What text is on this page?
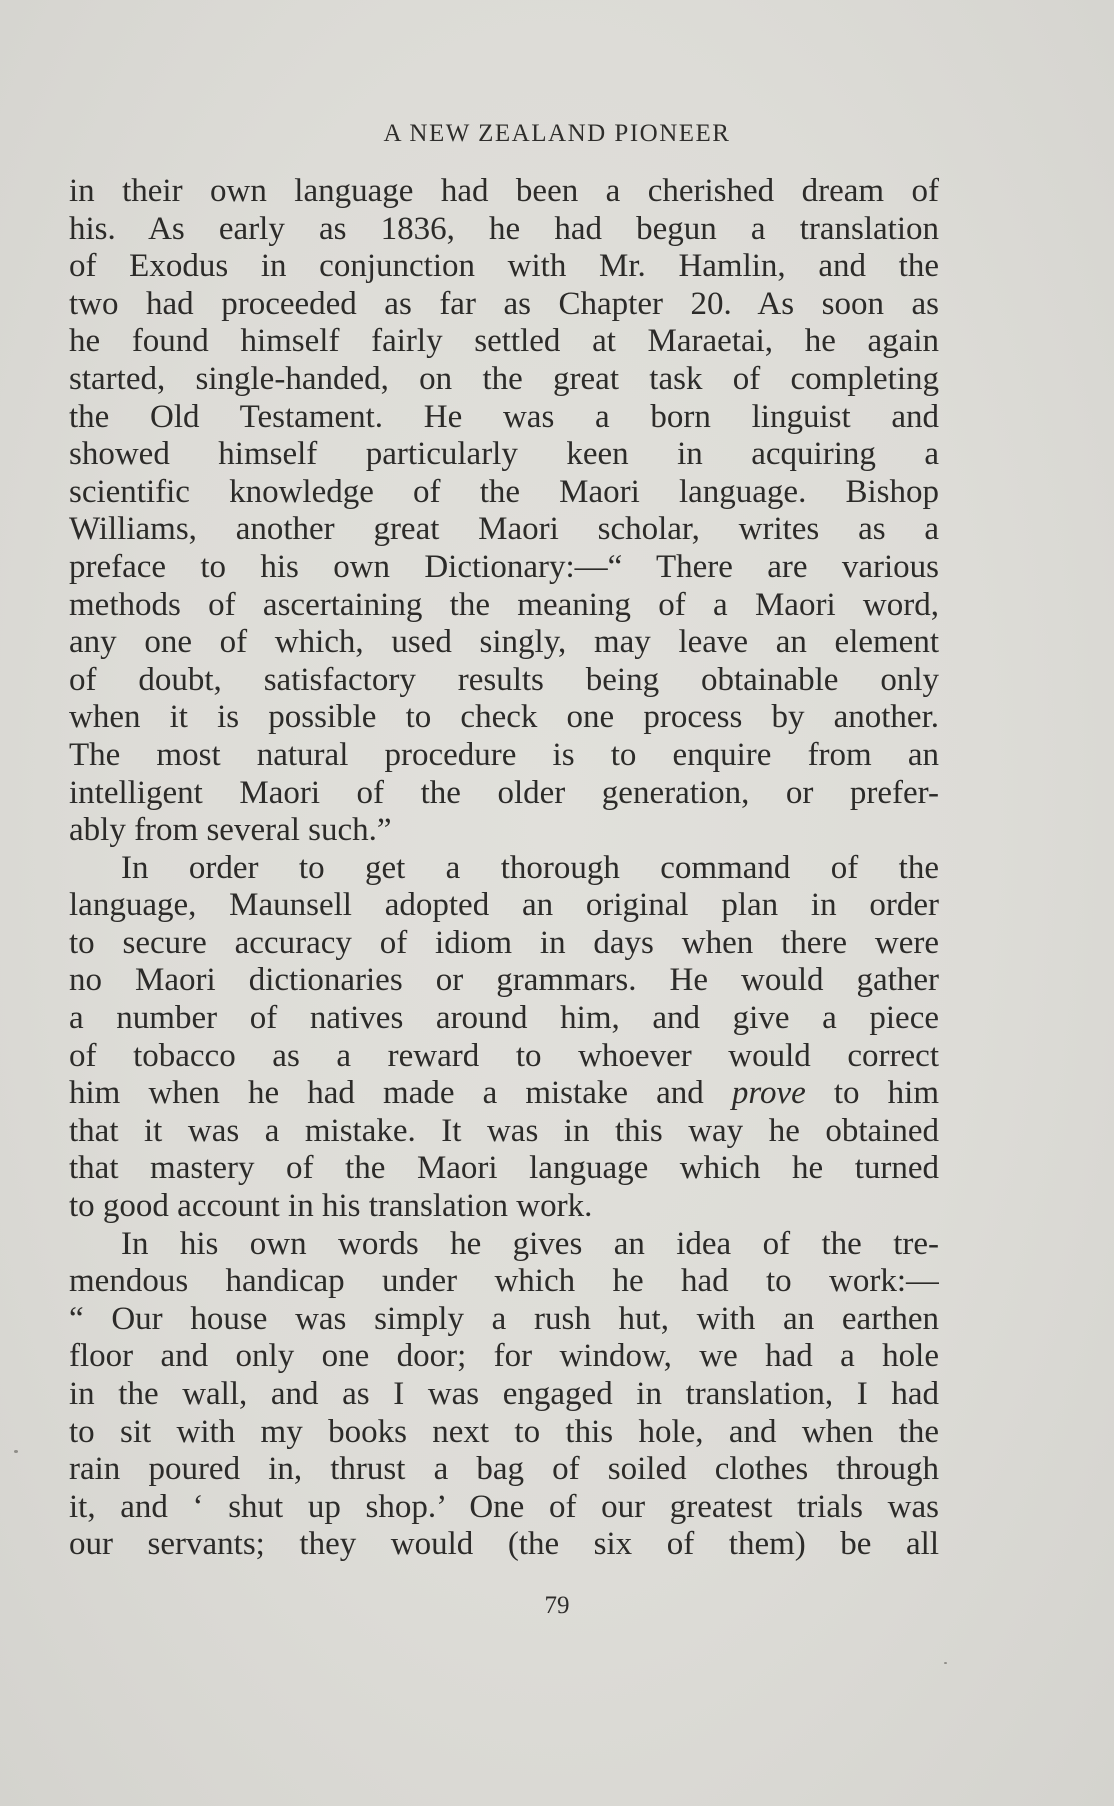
A NEW ZEALAND PIONEER
in their own language had been a cherished dream of
his. As early as 1836, he had begun a translation
of Exodus in conjunction with Mr. Hamlin, and the
two had proceeded as far as Chapter 20. As soon as
he found himself fairly settled at Maraetai, he again
started, single-handed, on the great task of completing
the Old Testament. He was a born linguist and
showed himself particularly keen in acquiring a
scientific knowledge of the Maori language. Bishop
Williams, another great Maori scholar, writes as a
preface to his own Dictionary:—“ There are various
methods of ascertaining the meaning of a Maori word,
any one of which, used singly, may leave an element
of doubt, satisfactory results being obtainable only
when it is possible to check one process by another.
The most natural procedure is to enquire from an
intelligent Maori of the older generation, or prefer-
ably from several such.”
In order to get a thorough command of the
language, Maunsell adopted an original plan in order
to secure accuracy of idiom in days when there were
no Maori dictionaries or grammars. He would gather
a number of natives around him, and give a piece
of tobacco as a reward to whoever would correct
him when he had made a mistake and prove to him
that it was a mistake. It was in this way he obtained
that mastery of the Maori language which he turned
to good account in his translation work.
In his own words he gives an idea of the tre-
mendous handicap under which he had to work:—
“ Our house was simply a rush hut, with an earthen
floor and only one door; for window, we had a hole
in the wall, and as I was engaged in translation, I had
to sit with my books next to this hole, and when the
rain poured in, thrust a bag of soiled clothes through
it, and ‘ shut up shop.’ One of our greatest trials was
our servants; they would (the six of them) be all
79
